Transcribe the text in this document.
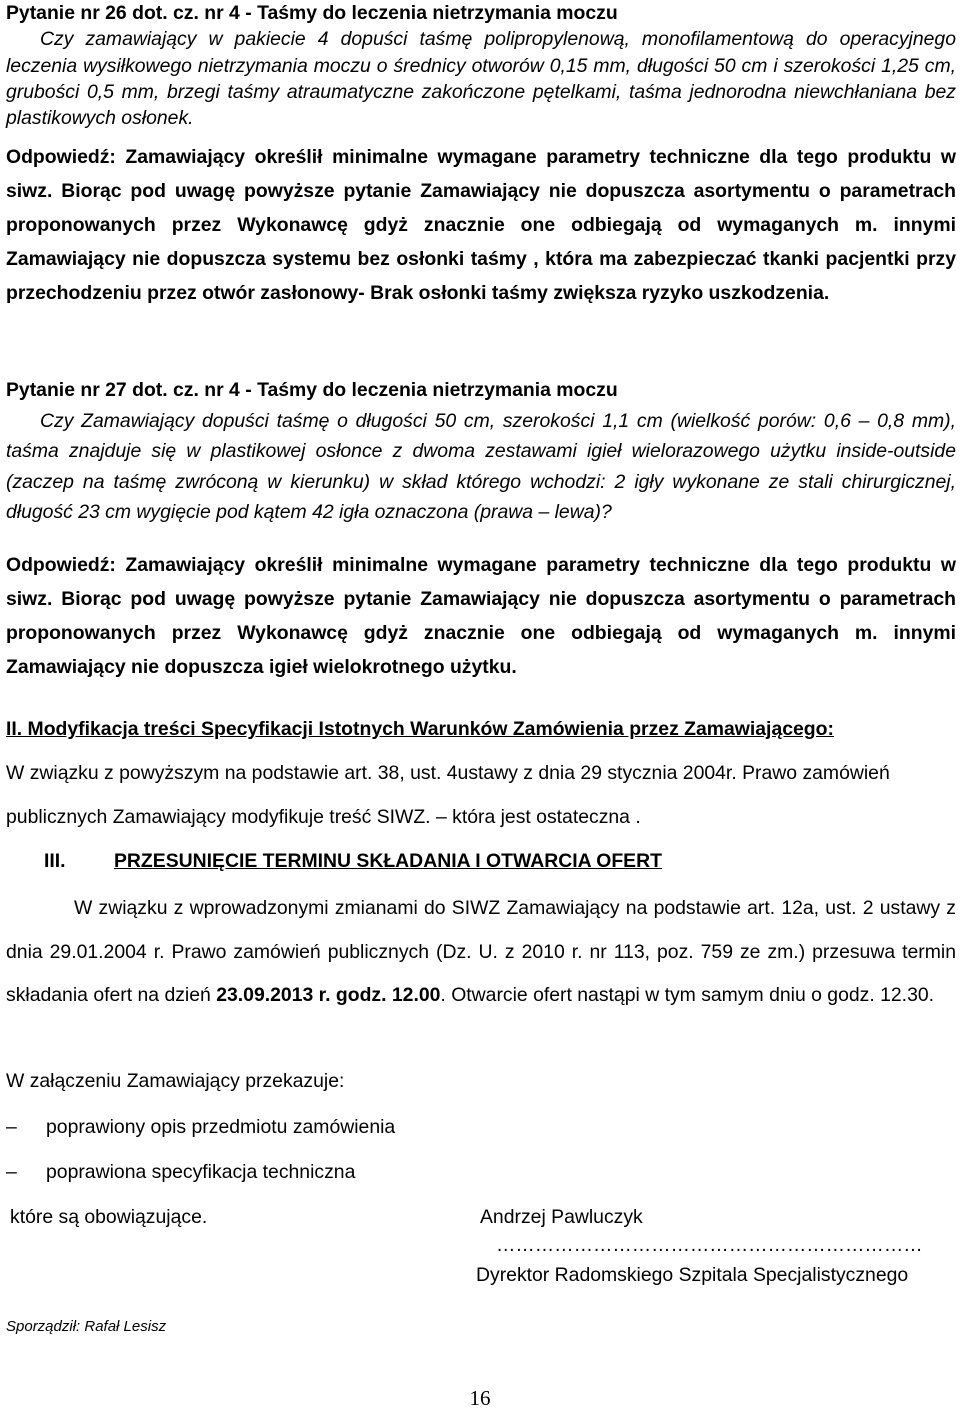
Pytanie nr 26 dot. cz. nr 4 - Taśmy do leczenia nietrzymania moczu

Czy zamawiający w pakiecie 4 dopuści taśmę polipropylenową, monofilamentową do operacyjnego leczenia wysiłkowego nietrzymania moczu o średnicy otworów 0,15 mm, długości 50 cm i szerokości 1,25 cm, grubości 0,5 mm, brzegi taśmy atraumatyczne zakończone pętelkami, taśma jednorodna niewchłaniana bez plastikowych osłonek.

Odpowiedź: Zamawiający określił minimalne wymagane parametry techniczne dla tego produktu w siwz. Biorąc pod uwagę powyższe pytanie Zamawiający nie dopuszcza asortymentu o parametrach proponowanych przez Wykonawcę gdyż znacznie one odbiegają od wymaganych m. innymi Zamawiający nie dopuszcza systemu bez osłonki taśmy , która ma zabezpieczać tkanki pacjentki przy przechodzeniu przez otwór zasłonowy- Brak osłonki taśmy zwiększa ryzyko uszkodzenia.

Pytanie nr 27 dot. cz. nr 4 - Taśmy do leczenia nietrzymania moczu

Czy Zamawiający dopuści taśmę o długości 50 cm, szerokości 1,1 cm (wielkość porów: 0,6 – 0,8 mm), taśma znajduje się w plastikowej osłonce z dwoma zestawami igieł wielorazowego użytku inside-outside (zaczep na taśmę zwróconą w kierunku) w skład którego wchodzi: 2 igły wykonane ze stali chirurgicznej, długość 23 cm wygięcie pod kątem 42 igła oznaczona (prawa – lewa)?

Odpowiedź: Zamawiający określił minimalne wymagane parametry techniczne dla tego produktu w siwz. Biorąc pod uwagę powyższe pytanie Zamawiający nie dopuszcza asortymentu o parametrach proponowanych przez Wykonawcę gdyż znacznie one odbiegają od wymaganych m. innymi Zamawiający nie dopuszcza igieł wielokrotnego użytku.
II. Modyfikacja treści Specyfikacji Istotnych Warunków Zamówienia przez Zamawiającego:
W związku z powyższym na podstawie art. 38, ust. 4ustawy z dnia 29 stycznia 2004r. Prawo zamówień publicznych Zamawiający modyfikuje treść SIWZ. – która jest ostateczna .
III. PRZESUNIĘCIE TERMINU SKŁADANIA I OTWARCIA OFERT
W związku z wprowadzonymi zmianami do SIWZ Zamawiający na podstawie art. 12a, ust. 2 ustawy z dnia 29.01.2004 r. Prawo zamówień publicznych (Dz. U. z 2010 r. nr 113, poz. 759 ze zm.) przesuwa termin składania ofert na dzień 23.09.2013 r. godz. 12.00. Otwarcie ofert nastąpi w tym samym dniu o godz. 12.30.
W załączeniu Zamawiający przekazuje:
– poprawiony opis przedmiotu zamówienia
– poprawiona specyfikacja techniczna
które są obowiązujące.	Andrzej Pawluczyk
…………………………………………………………
Dyrektor Radomskiego Szpitala Specjalistycznego
Sporządził: Rafał Lesisz
16
